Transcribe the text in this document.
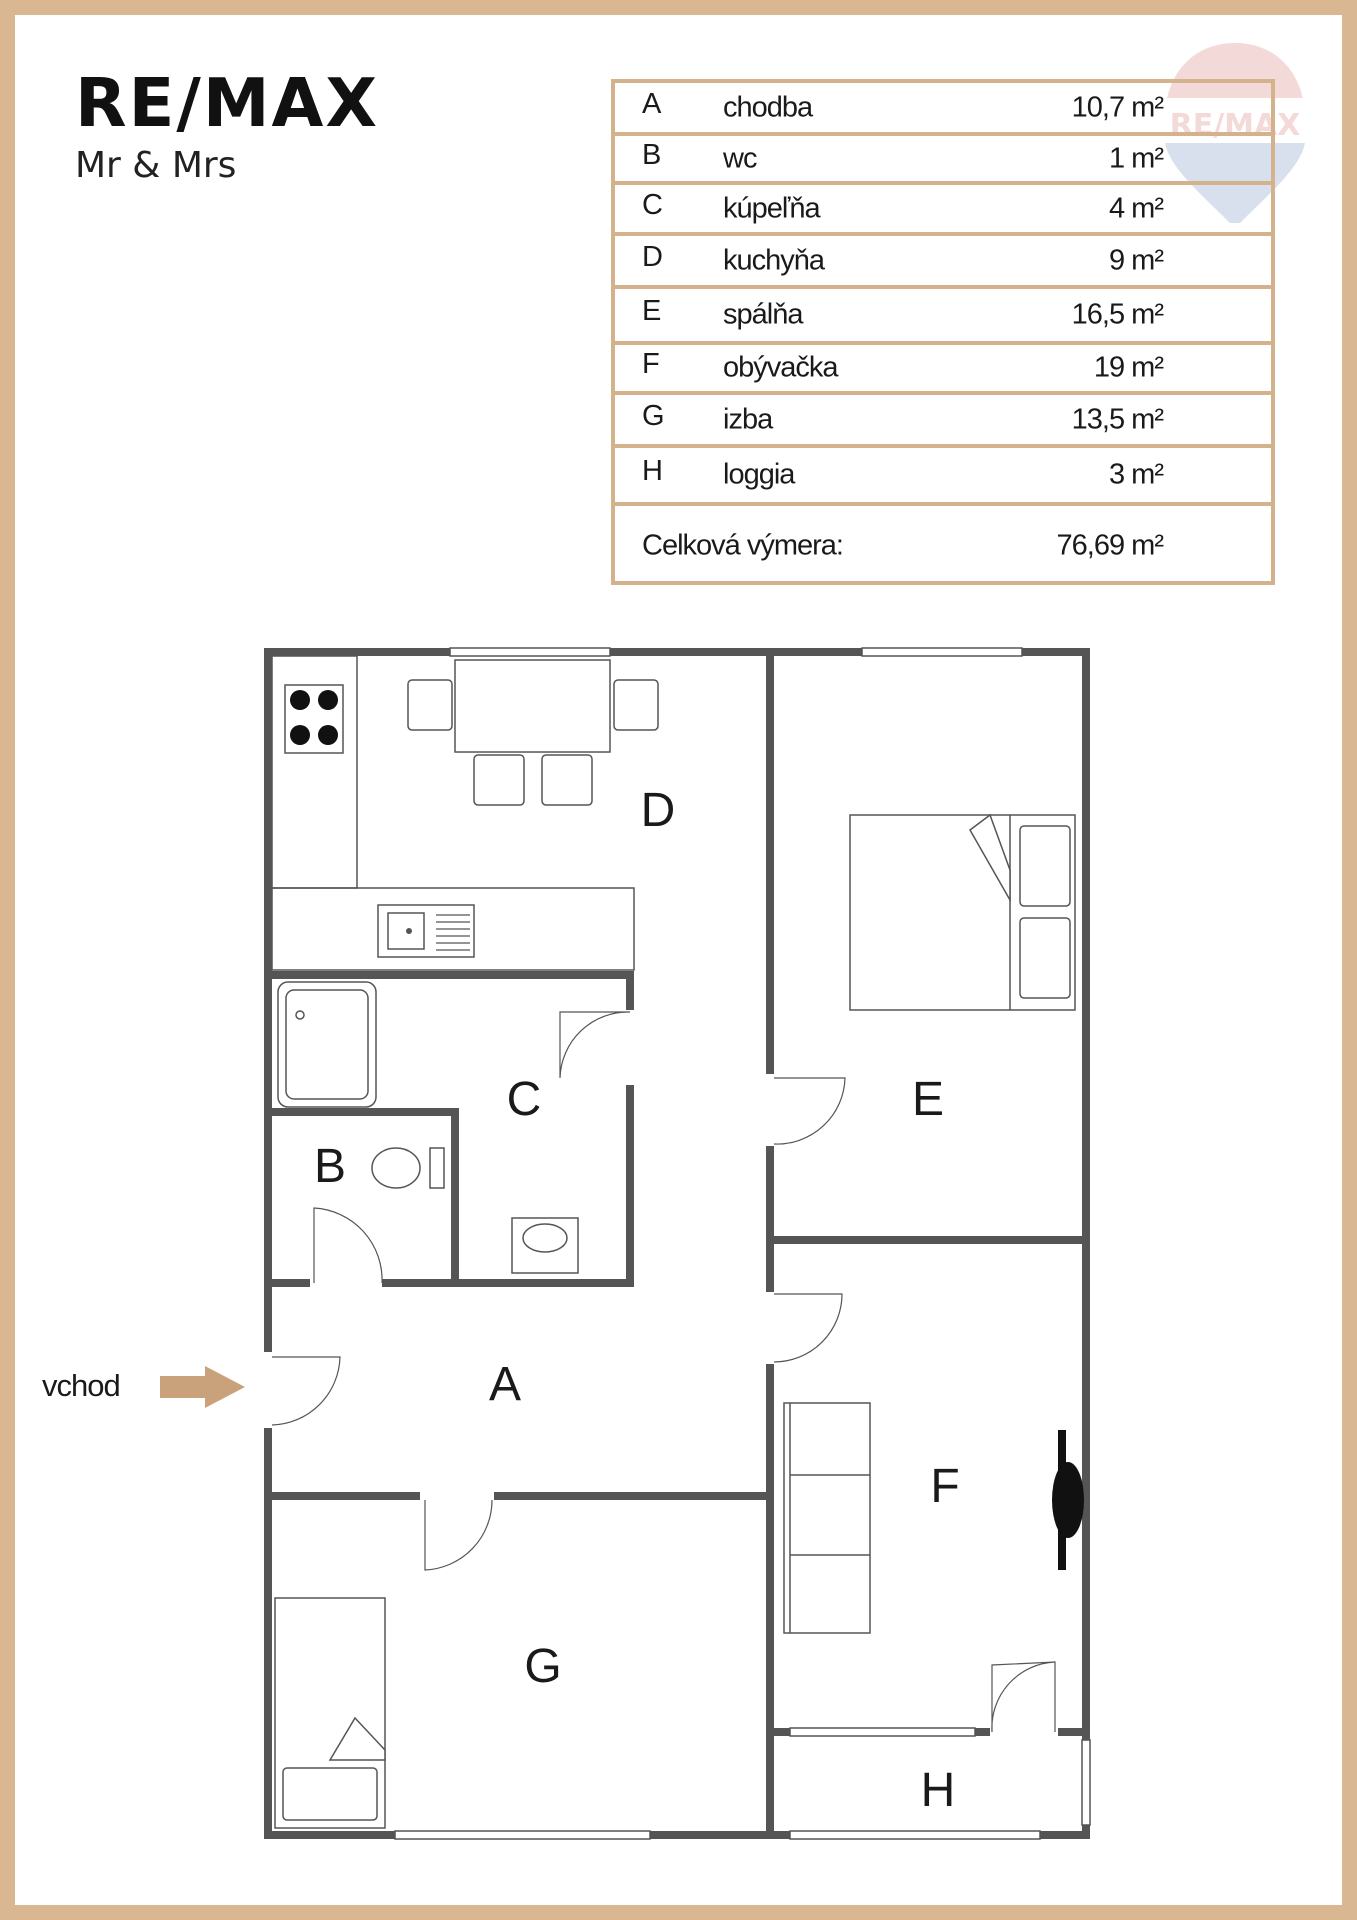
RE/MAX
Mr & Mrs
RE/MAX
A chodba	10,7 m²
B wc	1 m²
C kúpeľňa	4 m²
D kuchyňa	9 m²
E spálňa	16,5 m²
F obývačka	19 m²
G izba	13,5 m²
H loggia	3 m²
Celková výmera:	76,69 m²
A
B
C
D
E
F
G
H
vchod
